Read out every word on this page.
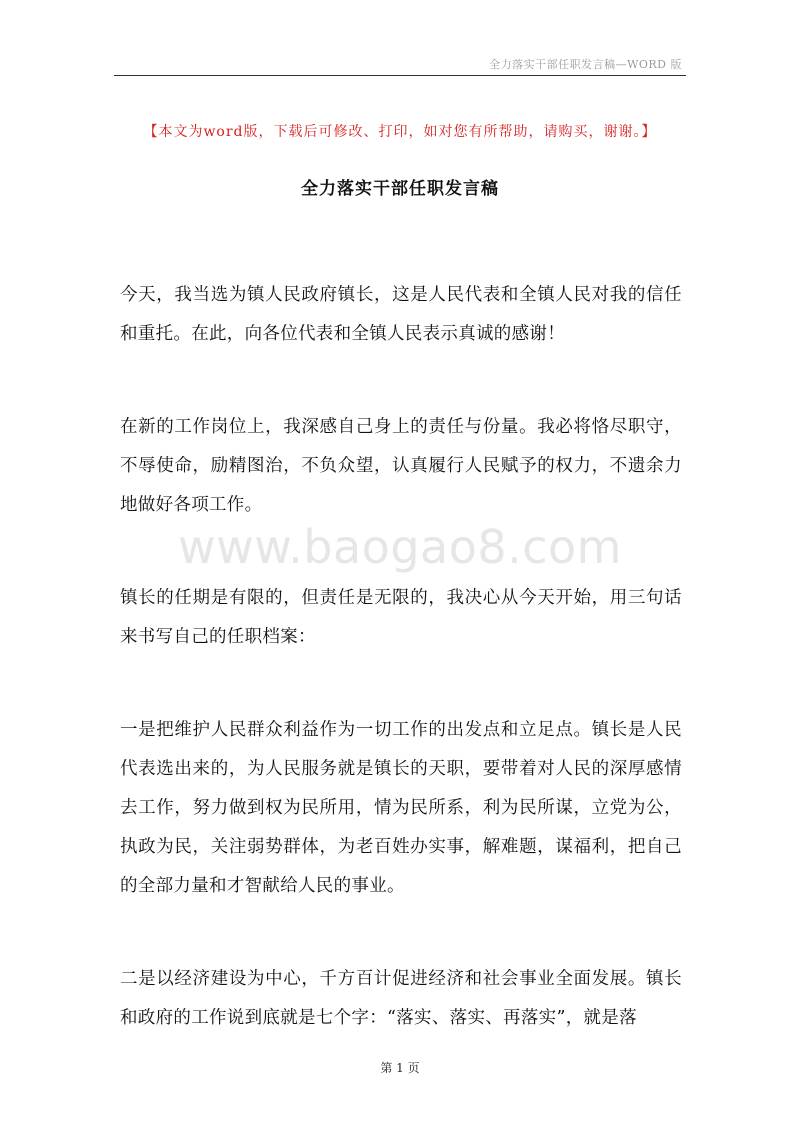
全力落实干部任职发言稿—WORD 版
【本文为word版，下载后可修改、打印，如对您有所帮助，请购买，谢谢。】
全力落实干部任职发言稿

今天，我当选为镇人民政府镇长，这是人民代表和全镇人民对我的信任和重托。在此，向各位代表和全镇人民表示真诚的感谢！

在新的工作岗位上，我深感自己身上的责任与份量。我必将恪尽职守，不辱使命，励精图治，不负众望，认真履行人民赋予的权力，不遗余力地做好各项工作。

镇长的任期是有限的，但责任是无限的，我决心从今天开始，用三句话来书写自己的任职档案：

一是把维护人民群众利益作为一切工作的出发点和立足点。镇长是人民代表选出来的，为人民服务就是镇长的天职，要带着对人民的深厚感情去工作，努力做到权为民所用，情为民所系，利为民所谋，立党为公，执政为民，关注弱势群体，为老百姓办实事，解难题，谋福利，把自己的全部力量和才智献给人民的事业。

二是以经济建设为中心，千方百计促进经济和社会事业全面发展。镇长和政府的工作说到底就是七个字：“落实、落实、再落实”，就是落

www.baogao8.com
第 1 页
